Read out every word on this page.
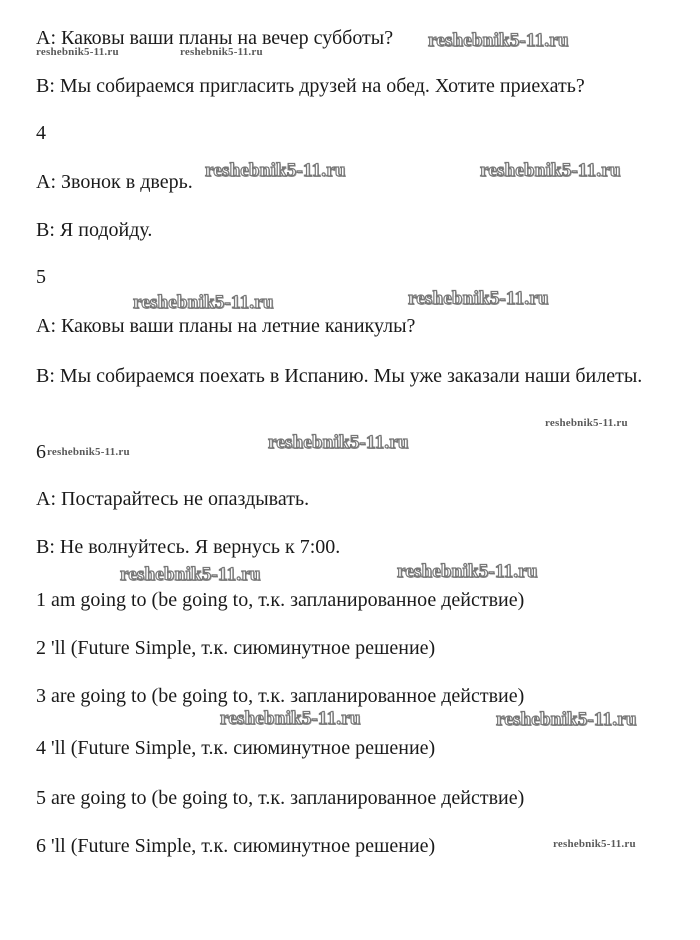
A: Каковы ваши планы на вечер субботы?
B: Мы собираемся пригласить друзей на обед. Хотите приехать?
4
A: Звонок в дверь.
B: Я подойду.
5
A: Каковы ваши планы на летние каникулы?
B: Мы собираемся поехать в Испанию. Мы уже заказали наши билеты.
6
A: Постарайтесь не опаздывать.
B: Не волнуйтесь. Я вернусь к 7:00.
1 am going to (be going to, т.к. запланированное действие)
2 'll (Future Simple, т.к. сиюминутное решение)
3 are going to (be going to, т.к. запланированное действие)
4 'll (Future Simple, т.к. сиюминутное решение)
5 are going to (be going to, т.к. запланированное действие)
6 'll (Future Simple, т.к. сиюминутное решение)
reshebnik5-11.ru
reshebnik5-11.ru	reshebnik5-11.ru
reshebnik5-11.ru	reshebnik5-11.ru
reshebnik5-11.ru	reshebnik5-11.ru
reshebnik5-11.ru
reshebnik5-11.ru
reshebnik5-11.ru
reshebnik5-11.ru	reshebnik5-11.ru
reshebnik5-11.ru	reshebnik5-11.ru
reshebnik5-11.ru
